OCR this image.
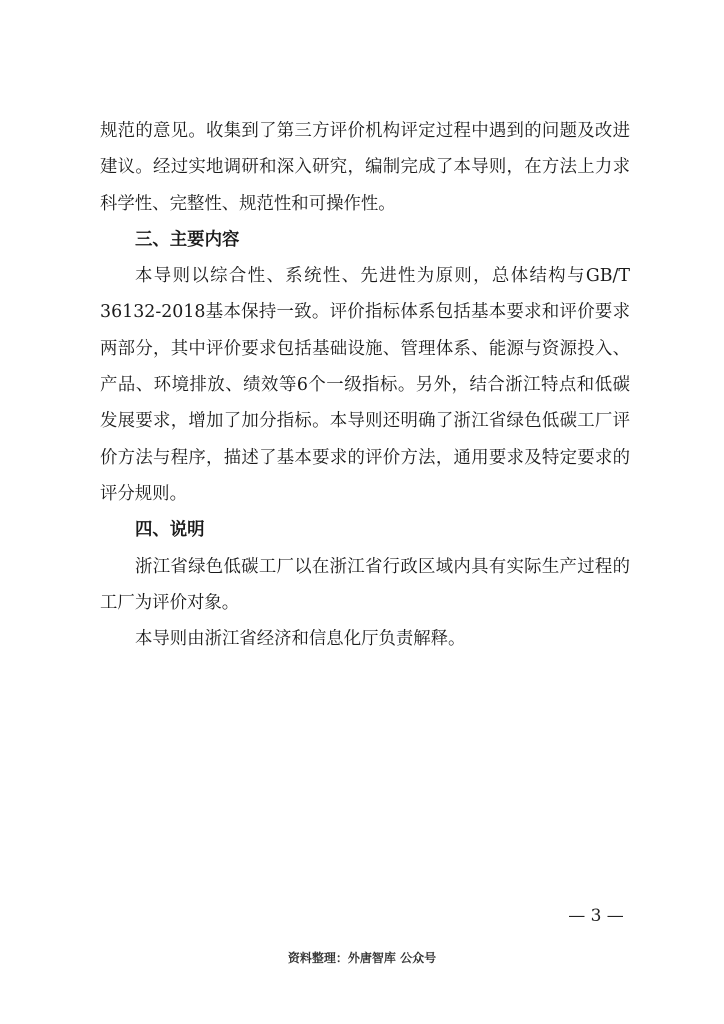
规范的意见。收集到了第三方评价机构评定过程中遇到的问题及改进建议。经过实地调研和深入研究，编制完成了本导则，在方法上力求科学性、完整性、规范性和可操作性。

三、主要内容

本导则以综合性、系统性、先进性为原则，总体结构与GB/T 36132-2018基本保持一致。评价指标体系包括基本要求和评价要求两部分，其中评价要求包括基础设施、管理体系、能源与资源投入、产品、环境排放、绩效等6个一级指标。另外，结合浙江特点和低碳发展要求，增加了加分指标。本导则还明确了浙江省绿色低碳工厂评价方法与程序，描述了基本要求的评价方法，通用要求及特定要求的评分规则。

四、说明

浙江省绿色低碳工厂以在浙江省行政区域内具有实际生产过程的工厂为评价对象。

本导则由浙江省经济和信息化厅负责解释。

— 3 —
资料整理：外唐智库 公众号
